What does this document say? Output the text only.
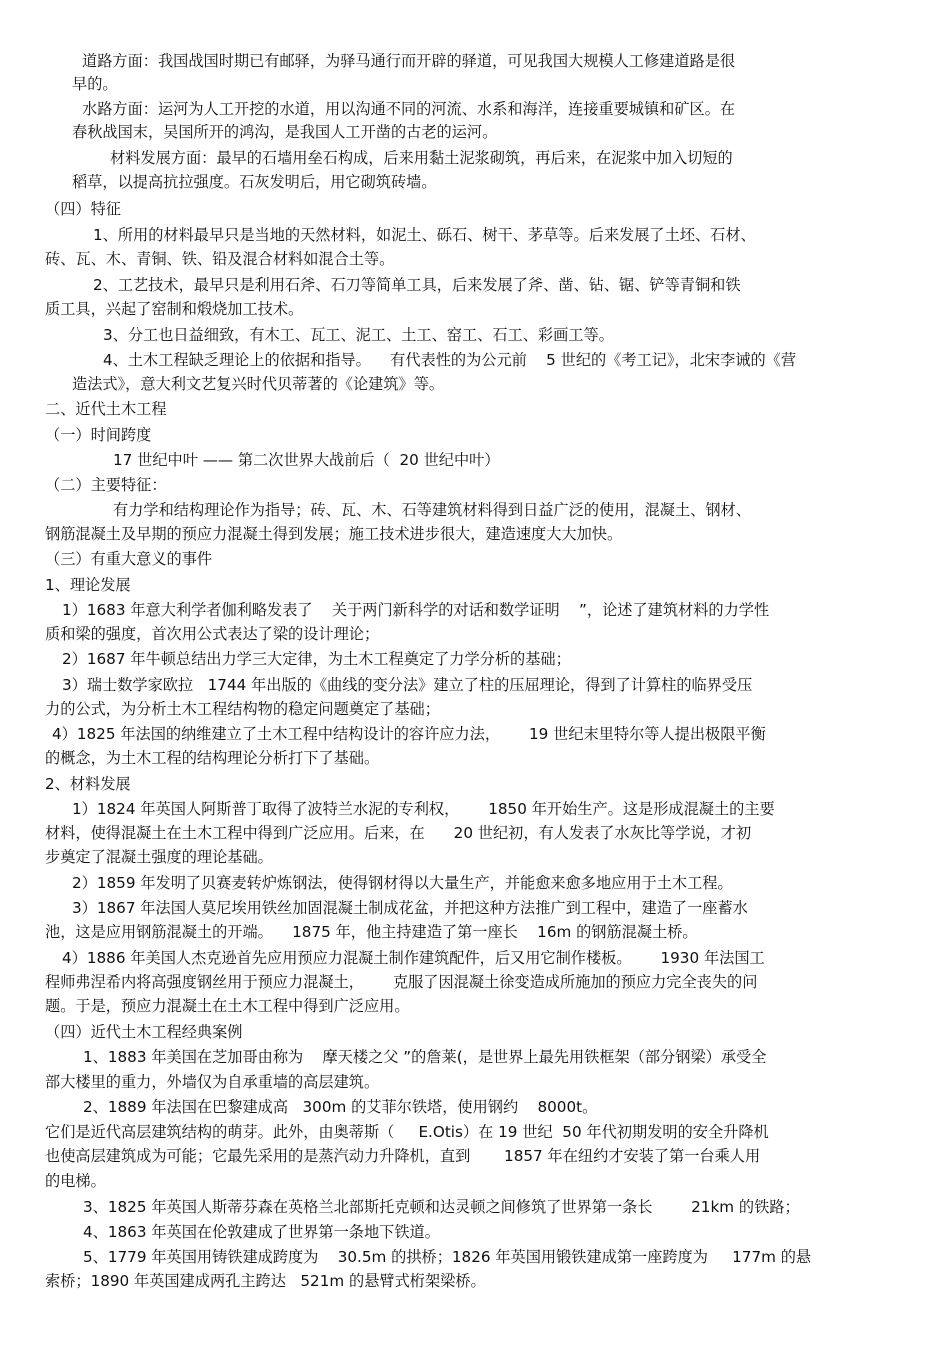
道路方面：我国战国时期已有邮驿，为驿马通行而开辟的驿道，可见我国大规模人工修建道路是很

早的。

水路方面：运河为人工开挖的水道，用以沟通不同的河流、水系和海洋，连接重要城镇和矿区。在

春秋战国末，吴国所开的鸿沟，是我国人工开凿的古老的运河。

材料发展方面：最早的石墙用垒石构成，后来用黏土泥浆砌筑，再后来，在泥浆中加入切短的

稻草，以提高抗拉强度。石灰发明后，用它砌筑砖墙。

（四）特征

1、所用的材料最早只是当地的天然材料，如泥土、砾石、树干、茅草等。后来发展了土坯、石材、

砖、瓦、木、青铜、铁、铅及混合材料如混合土等。

2、工艺技术，最早只是利用石斧、石刀等简单工具，后来发展了斧、凿、钻、锯、铲等青铜和铁

质工具，兴起了窑制和煅烧加工技术。

3、分工也日益细致，有木工、瓦工、泥工、土工、窑工、石工、彩画工等。

4、土木工程缺乏理论上的依据和指导。    有代表性的为公元前    5 世纪的《考工记》，北宋李诫的《营

造法式》，意大利文艺复兴时代贝蒂著的《论建筑》等。

二、近代土木工程

（一）时间跨度

17 世纪中叶 —— 第二次世界大战前后（  20 世纪中叶）

（二）主要特征：

有力学和结构理论作为指导；砖、瓦、木、石等建筑材料得到日益广泛的使用，混凝土、钢材、

钢筋混凝土及早期的预应力混凝土得到发展；施工技术进步很大，建造速度大大加快。

（三）有重大意义的事件

1、理论发展

1）1683 年意大利学者伽利略发表了    关于两门新科学的对话和数学证明    ”，论述了建筑材料的力学性

质和梁的强度，首次用公式表达了梁的设计理论；

2）1687 年牛顿总结出力学三大定律，为土木工程奠定了力学分析的基础；

3）瑞士数学家欧拉   1744 年出版的《曲线的变分法》建立了柱的压屈理论，得到了计算柱的临界受压

力的公式，为分析土木工程结构物的稳定问题奠定了基础；

4）1825 年法国的纳维建立了土木工程中结构设计的容许应力法，      19 世纪末里特尔等人提出极限平衡

的概念，为土木工程的结构理论分析打下了基础。

2、材料发展

1）1824 年英国人阿斯普丁取得了波特兰水泥的专利权，      1850 年开始生产。这是形成混凝土的主要

材料，使得混凝土在土木工程中得到广泛应用。后来，在      20 世纪初，有人发表了水灰比等学说，才初

步奠定了混凝土强度的理论基础。

2）1859 年发明了贝赛麦转炉炼钢法，使得钢材得以大量生产，并能愈来愈多地应用于土木工程。

3）1867 年法国人莫尼埃用铁丝加固混凝土制成花盆，并把这种方法推广到工程中，建造了一座蓄水

池，这是应用钢筋混凝土的开端。    1875 年，他主持建造了第一座长    16m 的钢筋混凝土桥。

4）1886 年美国人杰克逊首先应用预应力混凝土制作建筑配件，后又用它制作楼板。      1930 年法国工

程师弗涅希内将高强度钢丝用于预应力混凝土，      克服了因混凝土徐变造成所施加的预应力完全丧失的问

题。于是，预应力混凝土在土木工程中得到广泛应用。

（四）近代土木工程经典案例

1、1883 年美国在芝加哥由称为    摩天楼之父 ”的詹莱(，是世界上最先用铁框架（部分钢梁）承受全

部大楼里的重力，外墙仅为自承重墙的高层建筑。

2、1889 年法国在巴黎建成高   300m 的艾菲尔铁塔，使用钢约    8000t。

它们是近代高层建筑结构的萌芽。此外，由奥蒂斯（     E.Otis）在 19 世纪  50 年代初期发明的安全升降机

也使高层建筑成为可能；它最先采用的是蒸汽动力升降机，直到       1857 年在纽约才安装了第一台乘人用

的电梯。

3、1825 年英国人斯蒂芬森在英格兰北部斯托克顿和达灵顿之间修筑了世界第一条长        21km 的铁路；

4、1863 年英国在伦敦建成了世界第一条地下铁道。

5、1779 年英国用铸铁建成跨度为    30.5m 的拱桥；1826 年英国用锻铁建成第一座跨度为     177m 的悬

索桥；1890 年英国建成两孔主跨达   521m 的悬臂式桁架梁桥。
